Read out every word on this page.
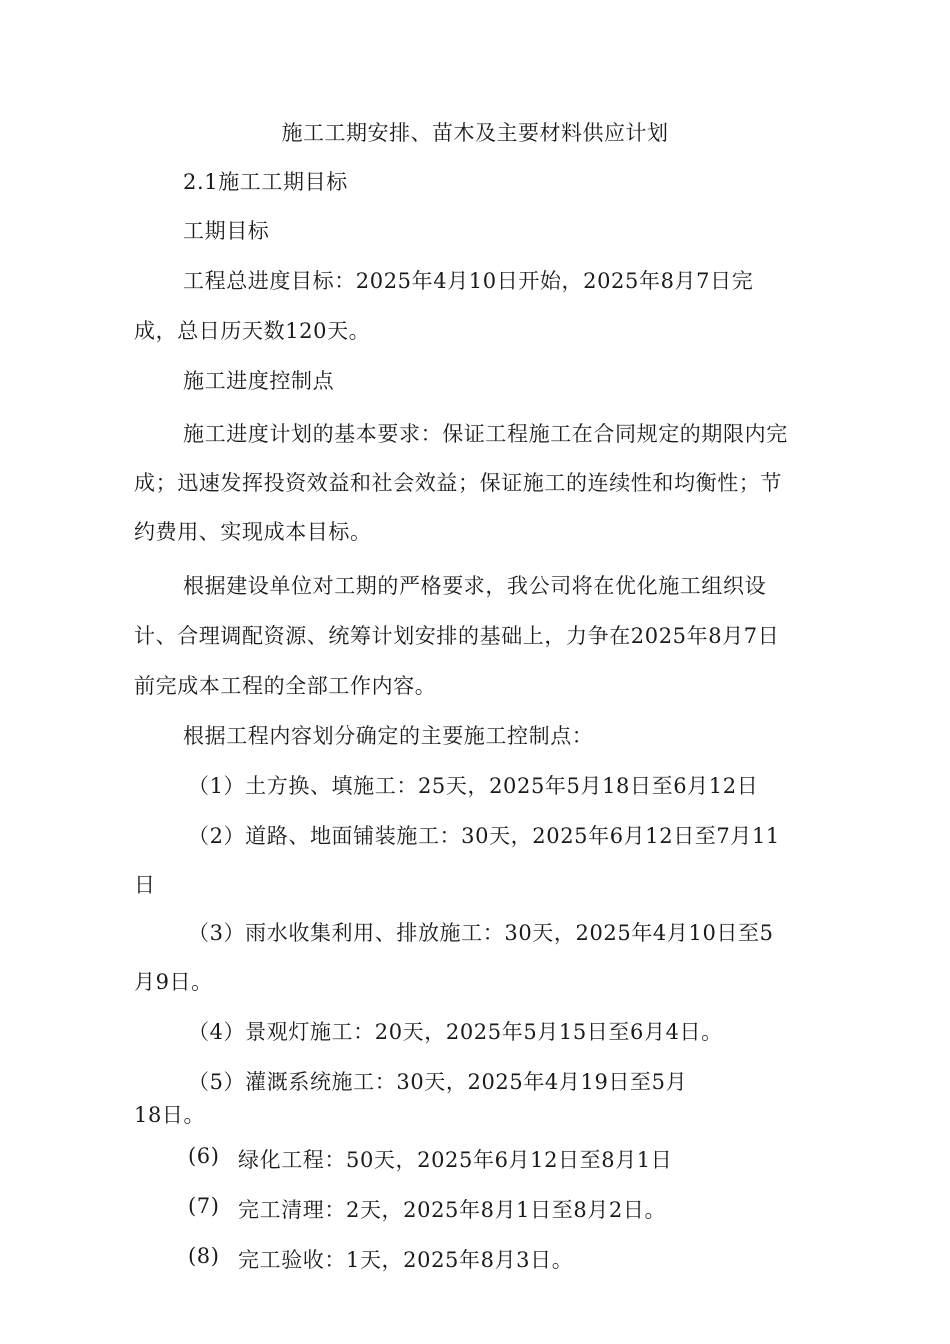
施工工期安排、苗木及主要材料供应计划
2.1施工工期目标
工期目标
工程总进度目标：2025年4月10日开始，2025年8月7日完
成，总日历天数120天。
施工进度控制点
施工进度计划的基本要求：保证工程施工在合同规定的期限内完
成；迅速发挥投资效益和社会效益；保证施工的连续性和均衡性；节
约费用、实现成本目标。
根据建设单位对工期的严格要求，我公司将在优化施工组织设
计、合理调配资源、统筹计划安排的基础上，力争在2025年8月7日
前完成本工程的全部工作内容。
根据工程内容划分确定的主要施工控制点：
（1）土方换、填施工：25天，2025年5月18日至6月12日
（2）道路、地面铺装施工：30天，2025年6月12日至7月11
日
（3）雨水收集利用、排放施工：30天，2025年4月10日至5
月9日。
（4）景观灯施工：20天，2025年5月15日至6月4日。
（5）灌溉系统施工：30天，2025年4月19日至5月
18日。
(6) 绿化工程：50天，2025年6月12日至8月1日
(7) 完工清理：2天，2025年8月1日至8月2日。
(8) 完工验收：1天，2025年8月3日。
